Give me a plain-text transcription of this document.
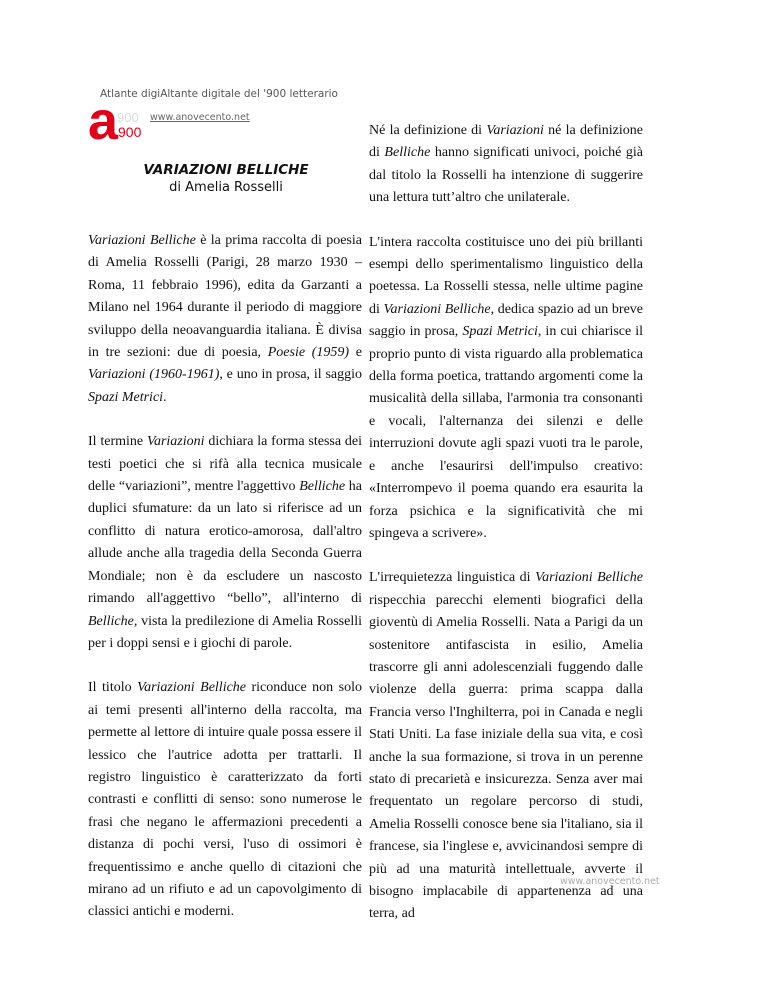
Atlante digiAltante digitale del '900 letterario
a
900
900
www.anovecento.net
VARIAZIONI BELLICHE
di Amelia Rosselli

Variazioni Belliche è la prima raccolta di poesia di Amelia Rosselli (Parigi, 28 marzo 1930 – Roma, 11 febbraio 1996), edita da Garzanti a Milano nel 1964 durante il periodo di maggiore sviluppo della neoavanguardia italiana. È divisa in tre sezioni: due di poesia, Poesie (1959) e Variazioni (1960-1961), e uno in prosa, il saggio Spazi Metrici.

Il termine Variazioni dichiara la forma stessa dei testi poetici che si rifà alla tecnica musicale delle “variazioni”, mentre l'aggettivo Belliche ha duplici sfumature: da un lato si riferisce ad un conflitto di natura erotico-amorosa, dall'altro allude anche alla tragedia della Seconda Guerra Mondiale; non è da escludere un nascosto rimando all'aggettivo “bello”, all'interno di Belliche, vista la predilezione di Amelia Rosselli per i doppi sensi e i giochi di parole.

Il titolo Variazioni Belliche riconduce non solo ai temi presenti all'interno della raccolta, ma permette al lettore di intuire quale possa essere il lessico che l'autrice adotta per trattarli. Il registro linguistico è caratterizzato da forti contrasti e conflitti di senso: sono numerose le frasi che negano le affermazioni precedenti a distanza di pochi versi, l'uso di ossimori è frequentissimo e anche quello di citazioni che mirano ad un rifiuto e ad un capovolgimento di classici antichi e moderni.

Né la definizione di Variazioni né la definizione di Belliche hanno significati univoci, poiché già dal titolo la Rosselli ha intenzione di suggerire una lettura tutt’altro che unilaterale.

L'intera raccolta costituisce uno dei più brillanti esempi dello sperimentalismo linguistico della poetessa. La Rosselli stessa, nelle ultime pagine di Variazioni Belliche, dedica spazio ad un breve saggio in prosa, Spazi Metrici, in cui chiarisce il proprio punto di vista riguardo alla problematica della forma poetica, trattando argomenti come la musicalità della sillaba, l'armonia tra consonanti e vocali, l'alternanza dei silenzi e delle interruzioni dovute agli spazi vuoti tra le parole, e anche l'esaurirsi dell'impulso creativo: «Interrompevo il poema quando era esaurita la forza psichica e la significatività che mi spingeva a scrivere».

L'irrequietezza linguistica di Variazioni Belliche rispecchia parecchi elementi biografici della gioventù di Amelia Rosselli. Nata a Parigi da un sostenitore antifascista in esilio, Amelia trascorre gli anni adolescenziali fuggendo dalle violenze della guerra: prima scappa dalla Francia verso l'Inghilterra, poi in Canada e negli Stati Uniti. La fase iniziale della sua vita, e così anche la sua formazione, si trova in un perenne stato di precarietà e insicurezza. Senza aver mai frequentato un regolare percorso di studi, Amelia Rosselli conosce bene sia l'italiano, sia il francese, sia l'inglese e, avvicinandosi sempre di più ad una maturità intellettuale, avverte il bisogno implacabile di appartenenza ad una terra, ad

www.anovecento.net
